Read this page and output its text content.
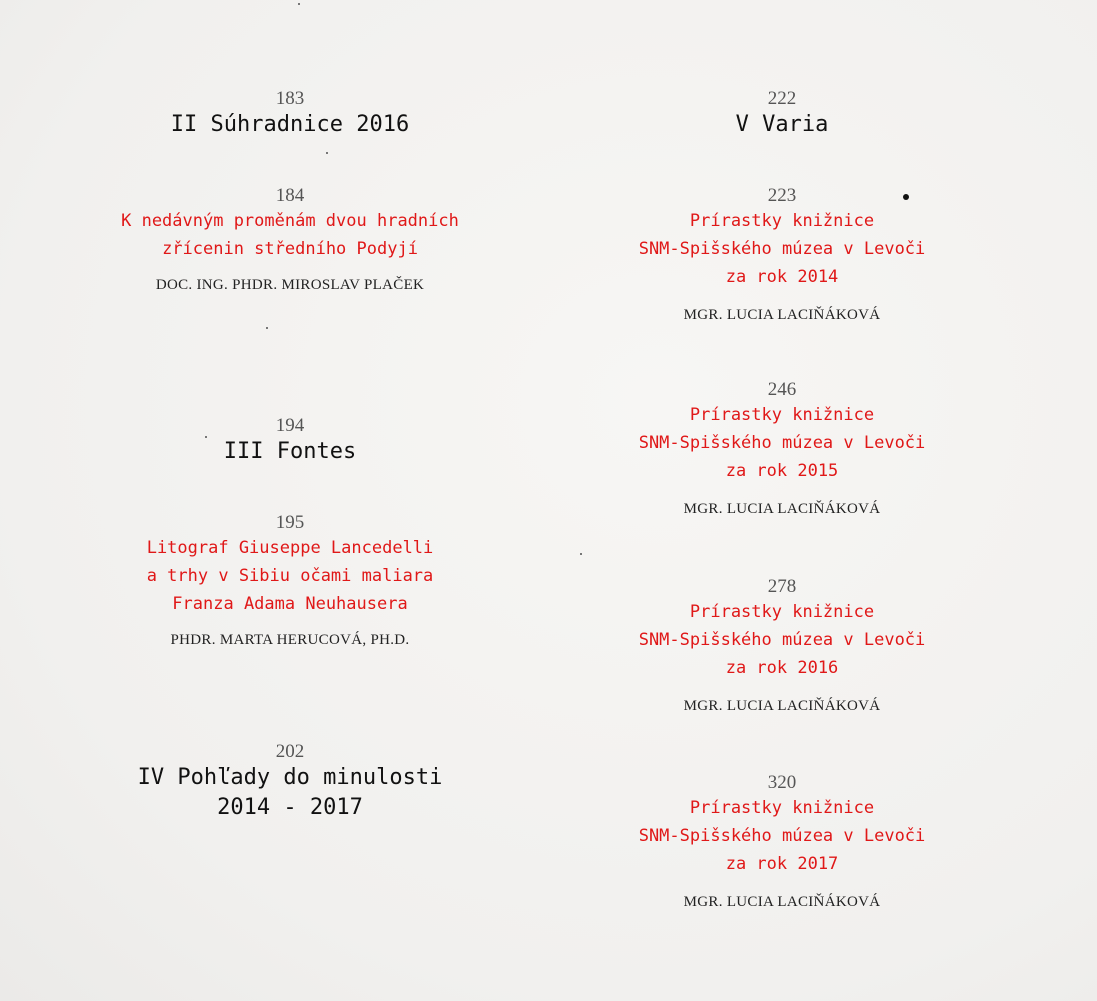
183
II Súhradnice 2016
184
K nedávným proměnám dvou hradních
zřícenin středního Podyjí
DOC. ING. PHDR. MIROSLAV PLAČEK
194
III Fontes
195
Litograf Giuseppe Lancedelli
a trhy v Sibiu očami maliara
Franza Adama Neuhausera
PHDR. MARTA HERUCOVÁ, PH.D.
202
IV Pohľady do minulosti
2014 - 2017
222
V Varia
223
Prírastky knižnice
SNM-Spišského múzea v Levoči
za rok 2014
MGR. LUCIA LACIŇÁKOVÁ
246
Prírastky knižnice
SNM-Spišského múzea v Levoči
za rok 2015
MGR. LUCIA LACIŇÁKOVÁ
278
Prírastky knižnice
SNM-Spišského múzea v Levoči
za rok 2016
MGR. LUCIA LACIŇÁKOVÁ
320
Prírastky knižnice
SNM-Spišského múzea v Levoči
za rok 2017
MGR. LUCIA LACIŇÁKOVÁ
